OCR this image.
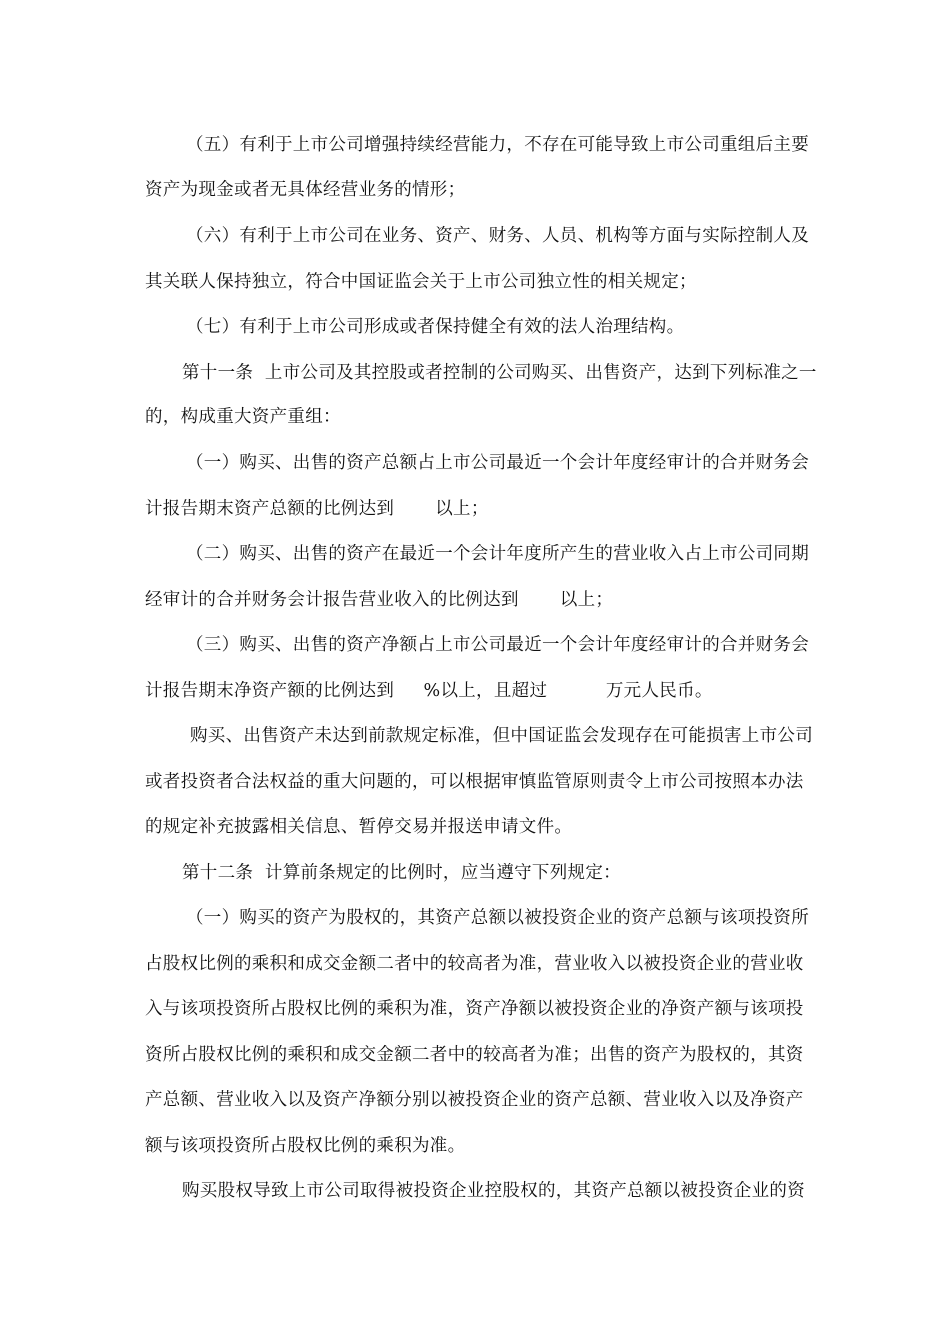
（五）有利于上市公司增强持续经营能力，不存在可能导致上市公司重组后主要
资产为现金或者无具体经营业务的情形；
（六）有利于上市公司在业务、资产、财务、人员、机构等方面与实际控制人及
其关联人保持独立，符合中国证监会关于上市公司独立性的相关规定；
（七）有利于上市公司形成或者保持健全有效的法人治理结构。
第十一条  上市公司及其控股或者控制的公司购买、出售资产，达到下列标准之一
的，构成重大资产重组：
（一）购买、出售的资产总额占上市公司最近一个会计年度经审计的合并财务会
计报告期末资产总额的比例达到       以上；
（二）购买、出售的资产在最近一个会计年度所产生的营业收入占上市公司同期
经审计的合并财务会计报告营业收入的比例达到       以上；
（三）购买、出售的资产净额占上市公司最近一个会计年度经审计的合并财务会
计报告期末净资产额的比例达到     %以上，且超过          万元人民币。
购买、出售资产未达到前款规定标准，但中国证监会发现存在可能损害上市公司
或者投资者合法权益的重大问题的，可以根据审慎监管原则责令上市公司按照本办法
的规定补充披露相关信息、暂停交易并报送申请文件。
第十二条  计算前条规定的比例时，应当遵守下列规定：
（一）购买的资产为股权的，其资产总额以被投资企业的资产总额与该项投资所
占股权比例的乘积和成交金额二者中的较高者为准，营业收入以被投资企业的营业收
入与该项投资所占股权比例的乘积为准，资产净额以被投资企业的净资产额与该项投
资所占股权比例的乘积和成交金额二者中的较高者为准；出售的资产为股权的，其资
产总额、营业收入以及资产净额分别以被投资企业的资产总额、营业收入以及净资产
额与该项投资所占股权比例的乘积为准。
购买股权导致上市公司取得被投资企业控股权的，其资产总额以被投资企业的资
